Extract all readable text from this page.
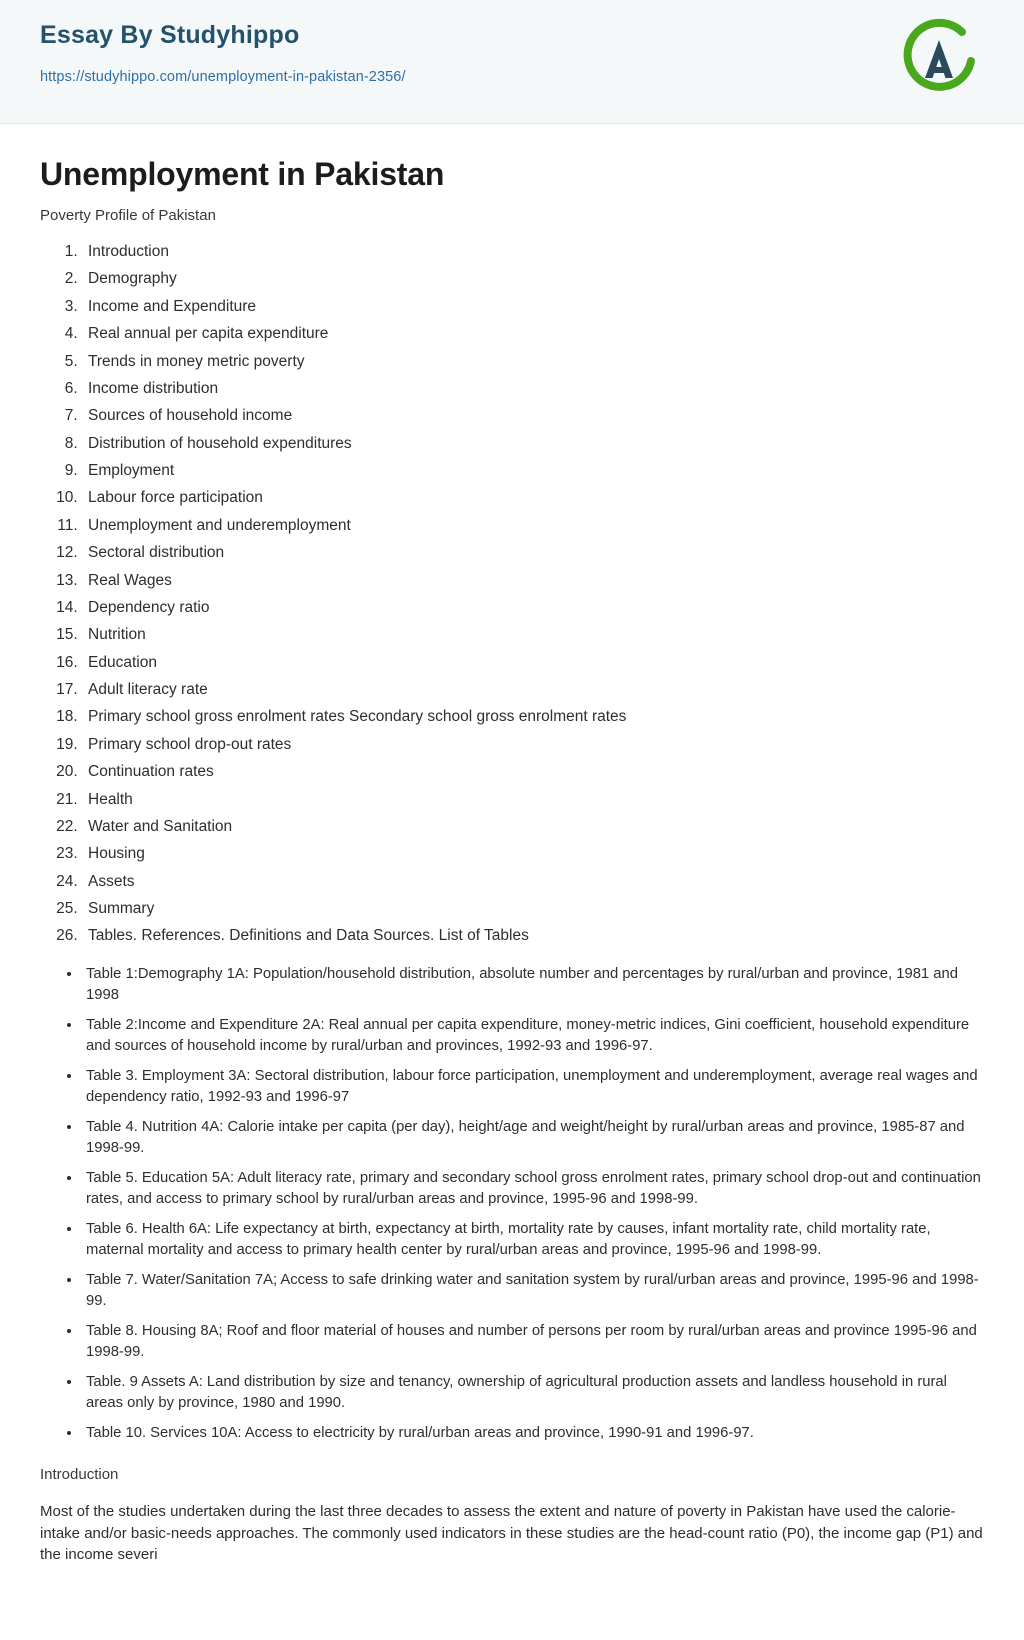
Essay By Studyhippo
https://studyhippo.com/unemployment-in-pakistan-2356/
Unemployment in Pakistan
Poverty Profile of Pakistan
1. Introduction
2. Demography
3. Income and Expenditure
4. Real annual per capita expenditure
5. Trends in money metric poverty
6. Income distribution
7. Sources of household income
8. Distribution of household expenditures
9. Employment
10. Labour force participation
11. Unemployment and underemployment
12. Sectoral distribution
13. Real Wages
14. Dependency ratio
15. Nutrition
16. Education
17. Adult literacy rate
18. Primary school gross enrolment rates Secondary school gross enrolment rates
19. Primary school drop-out rates
20. Continuation rates
21. Health
22. Water and Sanitation
23. Housing
24. Assets
25. Summary
26. Tables. References. Definitions and Data Sources. List of Tables
• Table 1:Demography 1A: Population/household distribution, absolute number and percentages by rural/urban and province, 1981 and 1998
• Table 2:Income and Expenditure 2A: Real annual per capita expenditure, money-metric indices, Gini coefficient, household expenditure and sources of household income by rural/urban and provinces, 1992-93 and 1996-97.
• Table 3. Employment 3A: Sectoral distribution, labour force participation, unemployment and underemployment, average real wages and dependency ratio, 1992-93 and 1996-97
• Table 4. Nutrition 4A: Calorie intake per capita (per day), height/age and weight/height by rural/urban areas and province, 1985-87 and 1998-99.
• Table 5. Education 5A: Adult literacy rate, primary and secondary school gross enrolment rates, primary school drop-out and continuation rates, and access to primary school by rural/urban areas and province, 1995-96 and 1998-99.
• Table 6. Health 6A: Life expectancy at birth, expectancy at birth, mortality rate by causes, infant mortality rate, child mortality rate, maternal mortality and access to primary health center by rural/urban areas and province, 1995-96 and 1998-99.
• Table 7. Water/Sanitation 7A; Access to safe drinking water and sanitation system by rural/urban areas and province, 1995-96 and 1998-99.
• Table 8. Housing 8A; Roof and floor material of houses and number of persons per room by rural/urban areas and province 1995-96 and 1998-99.
• Table. 9 Assets A: Land distribution by size and tenancy, ownership of agricultural production assets and landless household in rural areas only by province, 1980 and 1990.
• Table 10. Services 10A: Access to electricity by rural/urban areas and province, 1990-91 and 1996-97.
Introduction

Most of the studies undertaken during the last three decades to assess the extent and nature of poverty in Pakistan have used the calorie-intake and/or basic-needs approaches. The commonly used indicators in these studies are the head-count ratio (P0), the income gap (P1) and the income severi
